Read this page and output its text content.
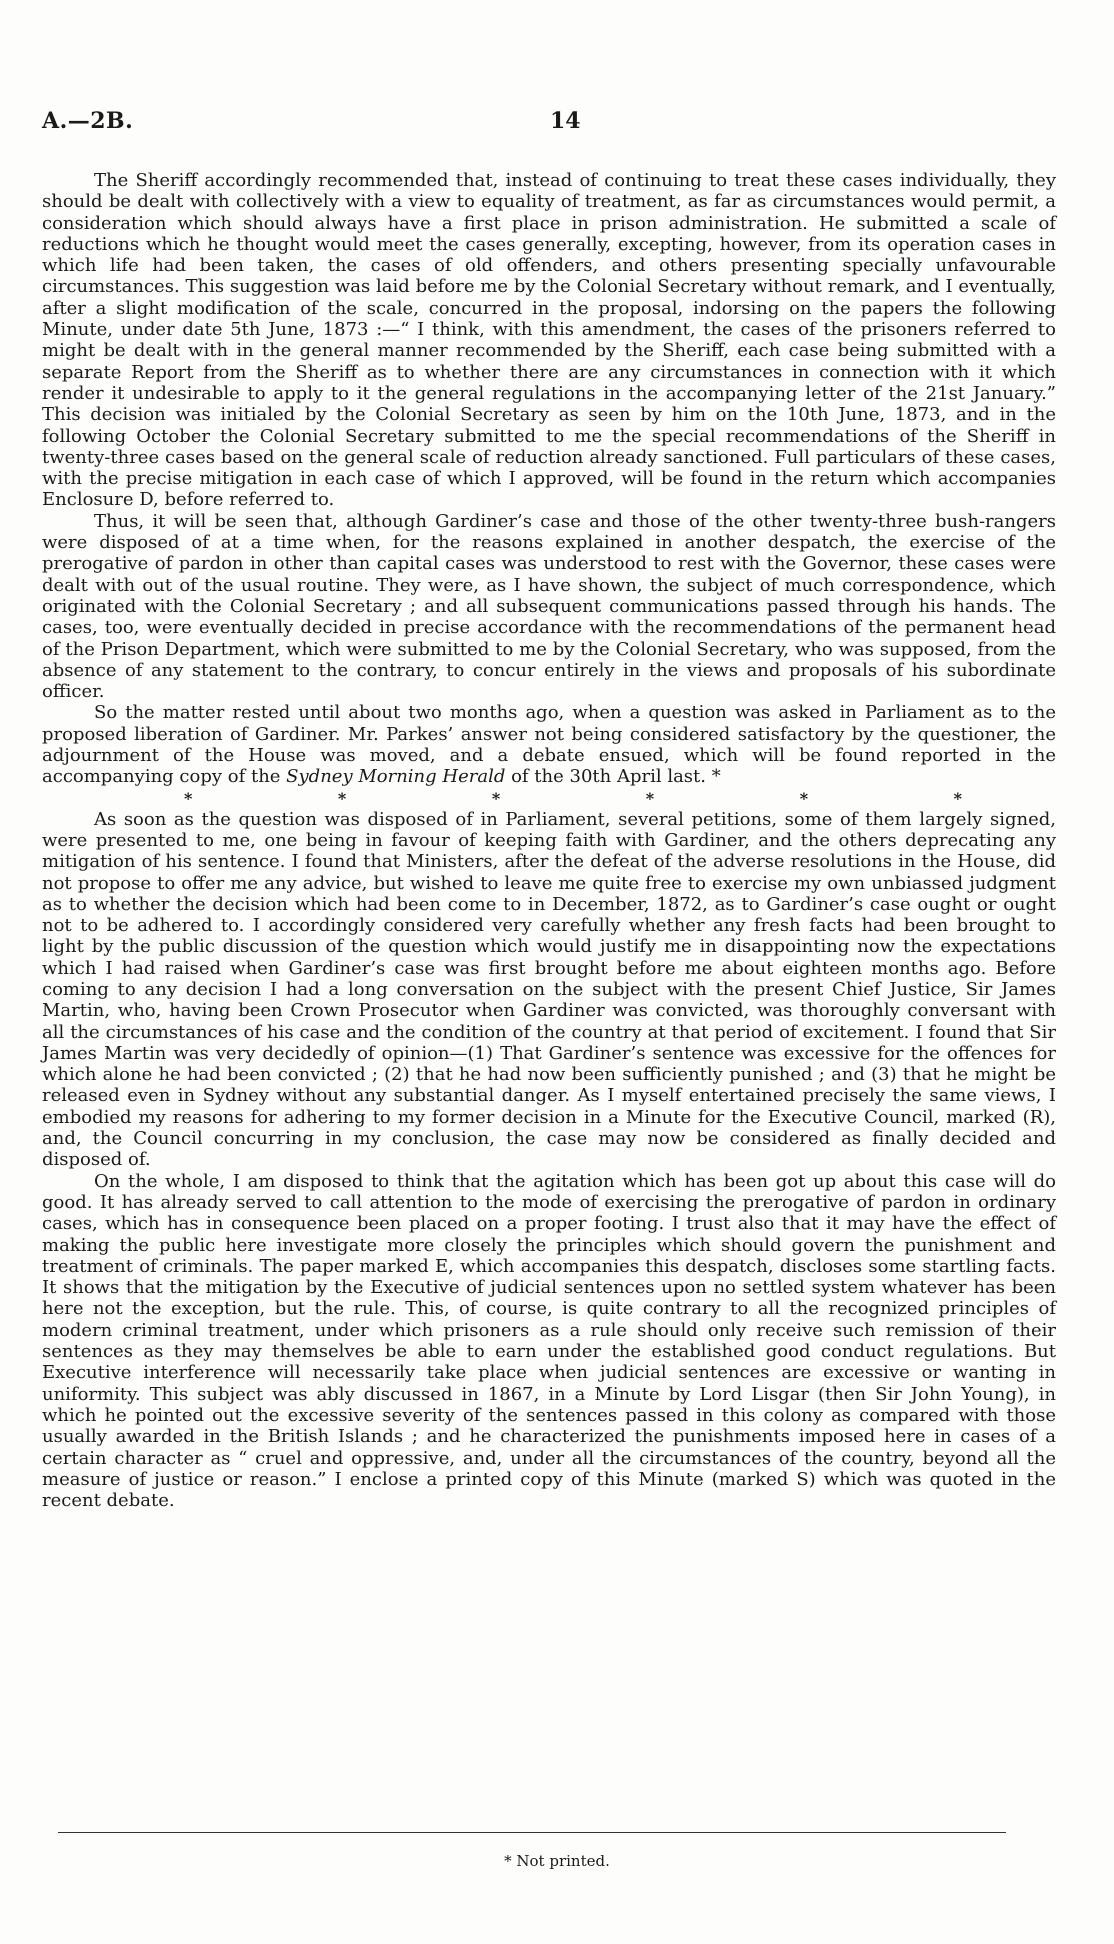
A.—2B.	14

The Sheriff accordingly recommended that, instead of continuing to treat these cases individually, they should be dealt with collectively with a view to equality of treatment, as far as circumstances would permit, a consideration which should always have a first place in prison administration. He submitted a scale of reductions which he thought would meet the cases generally, excepting, however, from its operation cases in which life had been taken, the cases of old offenders, and others presenting specially unfavourable circumstances. This suggestion was laid before me by the Colonial Secretary without remark, and I eventually, after a slight modification of the scale, concurred in the proposal, indorsing on the papers the following Minute, under date 5th June, 1873 :—“ I think, with this amendment, the cases of the prisoners referred to might be dealt with in the general manner recommended by the Sheriff, each case being submitted with a separate Report from the Sheriff as to whether there are any circumstances in connection with it which render it undesirable to apply to it the general regulations in the accompanying letter of the 21st January.” This decision was initialed by the Colonial Secretary as seen by him on the 10th June, 1873, and in the following October the Colonial Secretary submitted to me the special recommendations of the Sheriff in twenty-three cases based on the general scale of reduction already sanctioned. Full particulars of these cases, with the precise mitigation in each case of which I approved, will be found in the return which accompanies Enclosure D, before referred to.

Thus, it will be seen that, although Gardiner’s case and those of the other twenty-three bush-rangers were disposed of at a time when, for the reasons explained in another despatch, the exercise of the prerogative of pardon in other than capital cases was understood to rest with the Governor, these cases were dealt with out of the usual routine. They were, as I have shown, the subject of much correspondence, which originated with the Colonial Secretary ; and all subsequent communications passed through his hands. The cases, too, were eventually decided in precise accordance with the recommendations of the permanent head of the Prison Department, which were submitted to me by the Colonial Secretary, who was supposed, from the absence of any statement to the contrary, to concur entirely in the views and proposals of his subordinate officer.

So the matter rested until about two months ago, when a question was asked in Parliament as to the proposed liberation of Gardiner. Mr. Parkes’ answer not being considered satisfactory by the questioner, the adjournment of the House was moved, and a debate ensued, which will be found reported in the accompanying copy of the Sydney Morning Herald of the 30th April last. *

*	*	*	*	*	*

As soon as the question was disposed of in Parliament, several petitions, some of them largely signed, were presented to me, one being in favour of keeping faith with Gardiner, and the others deprecating any mitigation of his sentence. I found that Ministers, after the defeat of the adverse resolutions in the House, did not propose to offer me any advice, but wished to leave me quite free to exercise my own unbiassed judgment as to whether the decision which had been come to in December, 1872, as to Gardiner’s case ought or ought not to be adhered to. I accordingly considered very carefully whether any fresh facts had been brought to light by the public discussion of the question which would justify me in disappointing now the expectations which I had raised when Gardiner’s case was first brought before me about eighteen months ago. Before coming to any decision I had a long conversation on the subject with the present Chief Justice, Sir James Martin, who, having been Crown Prosecutor when Gardiner was convicted, was thoroughly conversant with all the circumstances of his case and the condition of the country at that period of excitement. I found that Sir James Martin was very decidedly of opinion—(1) That Gardiner’s sentence was excessive for the offences for which alone he had been convicted ; (2) that he had now been sufficiently punished ; and (3) that he might be released even in Sydney without any substantial danger. As I myself entertained precisely the same views, I embodied my reasons for adhering to my former decision in a Minute for the Executive Council, marked (R), and, the Council concurring in my conclusion, the case may now be considered as finally decided and disposed of.

On the whole, I am disposed to think that the agitation which has been got up about this case will do good. It has already served to call attention to the mode of exercising the prerogative of pardon in ordinary cases, which has in consequence been placed on a proper footing. I trust also that it may have the effect of making the public here investigate more closely the principles which should govern the punishment and treatment of criminals. The paper marked E, which accompanies this despatch, discloses some startling facts. It shows that the mitigation by the Executive of judicial sentences upon no settled system whatever has been here not the exception, but the rule. This, of course, is quite contrary to all the recognized principles of modern criminal treatment, under which prisoners as a rule should only receive such remission of their sentences as they may themselves be able to earn under the established good conduct regulations. But Executive interference will necessarily take place when judicial sentences are excessive or wanting in uniformity. This subject was ably discussed in 1867, in a Minute by Lord Lisgar (then Sir John Young), in which he pointed out the excessive severity of the sentences passed in this colony as compared with those usually awarded in the British Islands ; and he characterized the punishments imposed here in cases of a certain character as “ cruel and oppressive, and, under all the circumstances of the country, beyond all the measure of justice or reason.” I enclose a printed copy of this Minute (marked S) which was quoted in the recent debate.

* Not printed.
